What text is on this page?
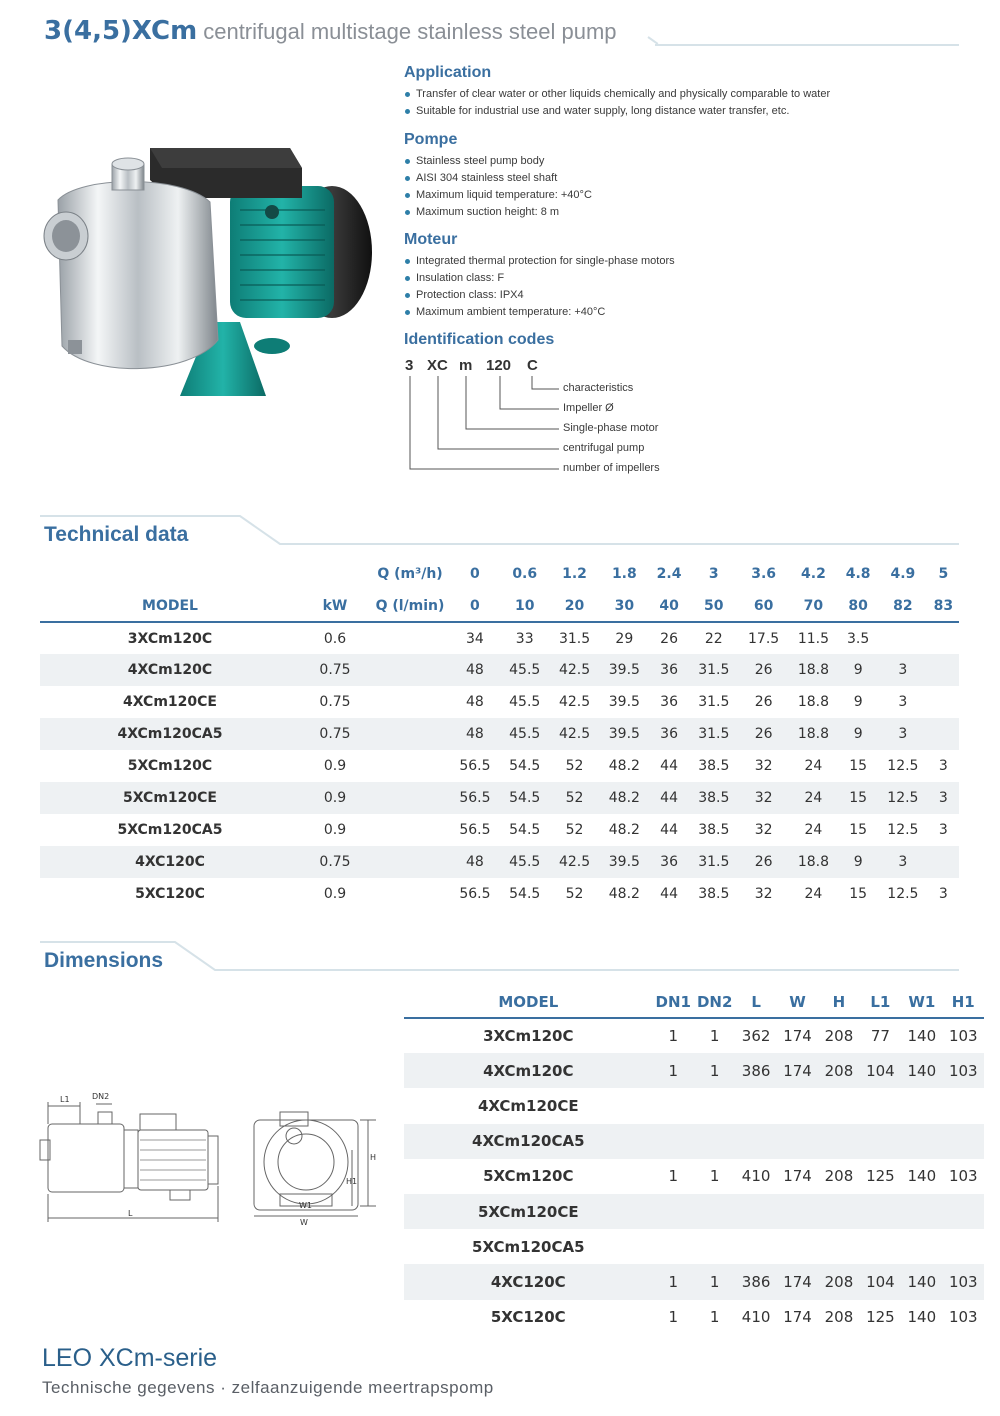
3(4,5)XCm centrifugal multistage stainless steel pump
Application
Transfer of clear water or other liquids chemically and physically comparable to water
Suitable for industrial use and water supply, long distance water transfer, etc.
Pompe
Stainless steel pump body
AISI 304 stainless steel shaft
Maximum liquid temperature: +40°C
Maximum suction height: 8 m
Moteur
Integrated thermal protection for single-phase motors
Insulation class: F
Protection class: IPX4
Maximum ambient temperature: +40°C
Identification codes
3 XC m 120 C
characteristics
Impeller Ø
Single-phase motor
centrifugal pump
number of impellers
Technical data
		Q (m³/h)	0	0.6	1.2	1.8	2.4	3	3.6	4.2	4.8	4.9	5
MODEL	kW	Q (l/min)	0	10	20	30	40	50	60	70	80	82	83
3XCm120C	0.6		34	33	31.5	29	26	22	17.5	11.5	3.5		
4XCm120C	0.75		48	45.5	42.5	39.5	36	31.5	26	18.8	9	3	
4XCm120CE	0.75		48	45.5	42.5	39.5	36	31.5	26	18.8	9	3	
4XCm120CA5	0.75		48	45.5	42.5	39.5	36	31.5	26	18.8	9	3	
5XCm120C	0.9		56.5	54.5	52	48.2	44	38.5	32	24	15	12.5	3
5XCm120CE	0.9		56.5	54.5	52	48.2	44	38.5	32	24	15	12.5	3
5XCm120CA5	0.9		56.5	54.5	52	48.2	44	38.5	32	24	15	12.5	3
4XC120C	0.75		48	45.5	42.5	39.5	36	31.5	26	18.8	9	3	
5XC120C	0.9		56.5	54.5	52	48.2	44	38.5	32	24	15	12.5	3
Dimensions
L1	DN2
L
W1
W
H
H1
MODEL	DN1	DN2	L	W	H	L1	W1	H1
3XCm120C	1	1	362	174	208	77	140	103
4XCm120C	1	1	386	174	208	104	140	103
4XCm120CE								
4XCm120CA5								
5XCm120C	1	1	410	174	208	125	140	103
5XCm120CE								
5XCm120CA5								
4XC120C	1	1	386	174	208	104	140	103
5XC120C	1	1	410	174	208	125	140	103
LEO XCm-serie
Technische gegevens · zelfaanzuigende meertrapspomp
